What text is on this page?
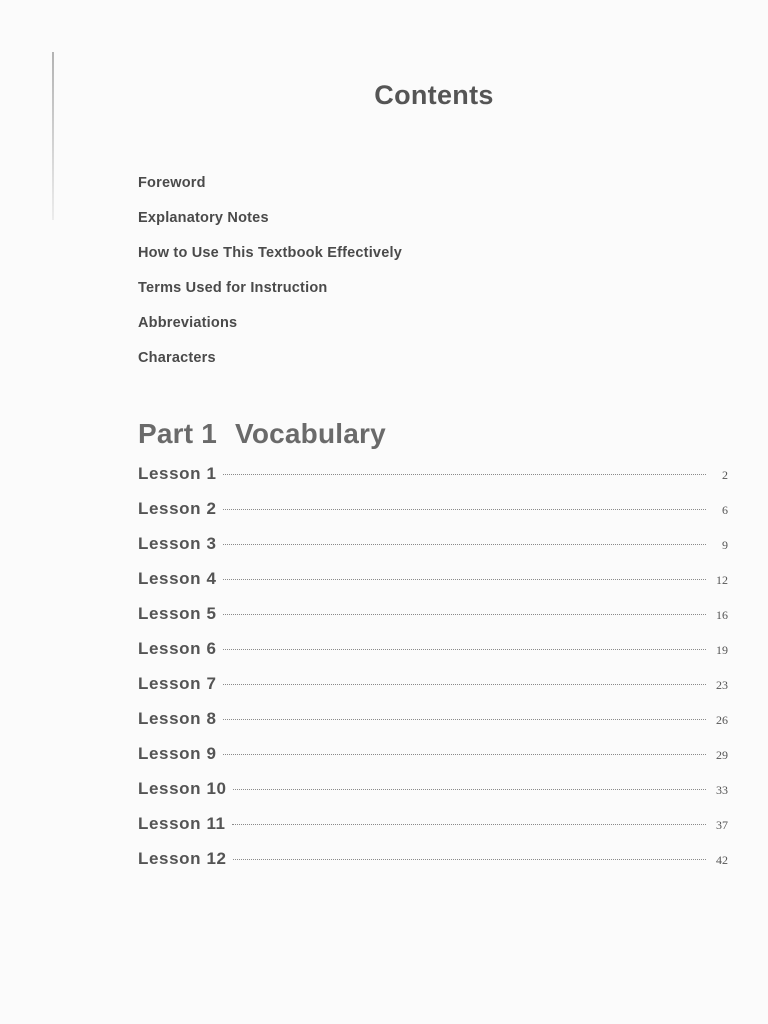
Contents
Foreword
Explanatory Notes
How to Use This Textbook Effectively
Terms Used for Instruction
Abbreviations
Characters
Part 1 Vocabulary
Lesson 1	2
Lesson 2	6
Lesson 3	9
Lesson 4	12
Lesson 5	16
Lesson 6	19
Lesson 7	23
Lesson 8	26
Lesson 9	29
Lesson 10	33
Lesson 11	37
Lesson 12	42
